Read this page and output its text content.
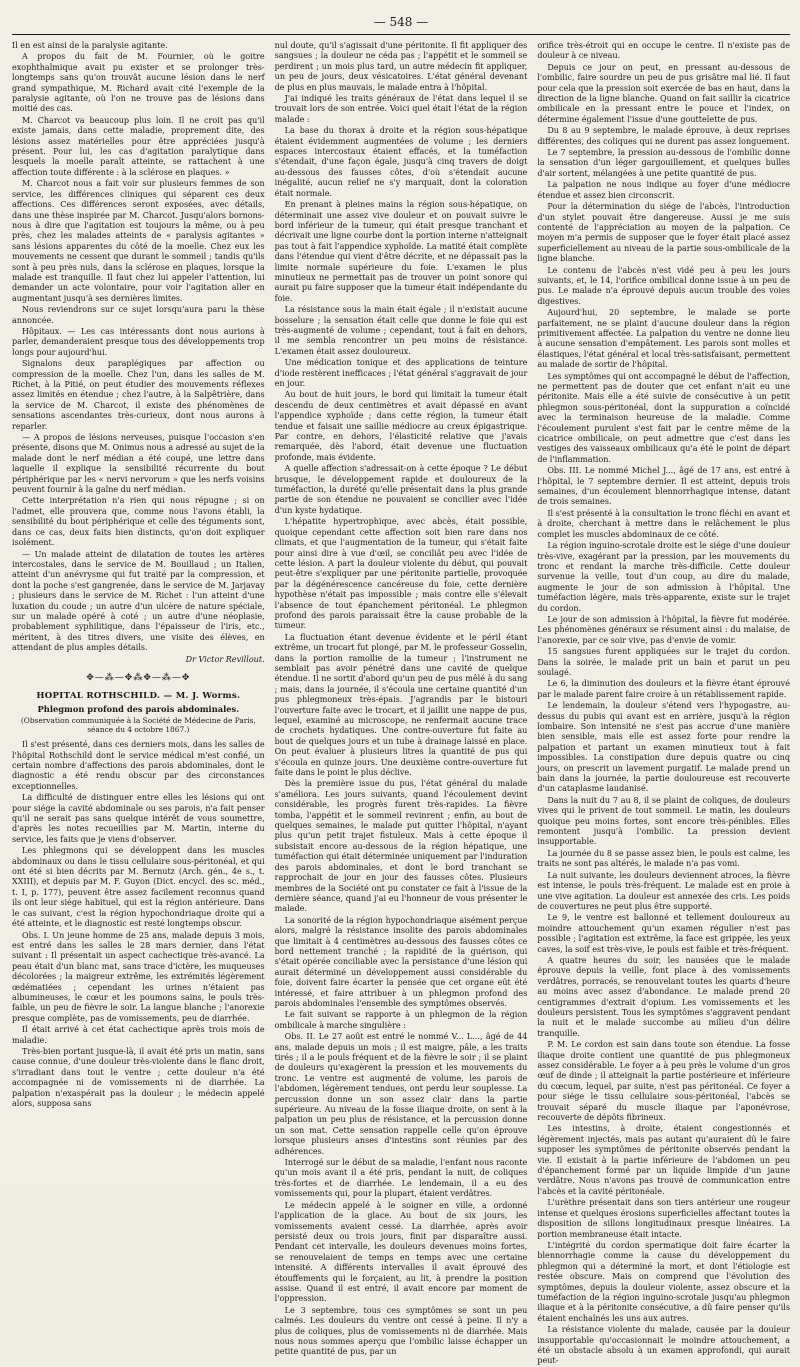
— 548 —

Il en est ainsi de la paralysie agitante.

A propos du fait de M. Fournier, où le goitre exophthalmique avait pu exister et se prolonger très-longtemps sans qu'on trouvât aucune lésion dans le nerf grand sympathique, M. Richard avait cité l'exemple de la paralysie agitante, où l'on ne trouve pas de lésions dans moitié des cas.

M. Charcot va beaucoup plus loin. Il ne croit pas qu'il existe jamais, dans cette maladie, proprement dite, des lésions assez matérielles pour être appréciées jusqu'à présent. Pour lui, les cas d'agitation paralytique dans lesquels la moelle paraît atteinte, se rattachent à une affection toute différente : à la sclérose en plaques. »

M. Charcot nous a fait voir sur plusieurs femmes de son service, les différences cliniques qui séparent ces deux affections. Ces différences seront exposées, avec détails, dans une thèse inspirée par M. Charcot. Jusqu'alors bornons-nous à dire que l'agitation est toujours la même, ou à peu près, chez les malades atteints de « paralysis agitantes » sans lésions apparentes du côté de la moelle. Chez eux les mouvements ne cessent que durant le sommeil ; tandis qu'ils sont à peu près nuls, dans la sclérose en plaques, lorsque la malade est tranquille. Il faut chez lui appeler l'attention, lui demander un acte volontaire, pour voir l'agitation aller en augmentant jusqu'à ses dernières limites.

Nous reviendrons sur ce sujet lorsqu'aura paru la thèse annoncée.

Hôpitaux. — Les cas intéressants dont nous aurions à parler, demanderaient presque tous des développements trop longs pour aujourd'hui.

Signalons deux paraplégiques par affection ou compression de la moelle. Chez l'un, dans les salles de M. Richet, à la Pitié, on peut étudier des mouvements réflexes assez limités en étendue ; chez l'autre, à la Salpêtrière, dans la service de M. Charcot, il existe des phénomènes de sensations ascendantes très-curieux, dont nous aurons à reparler.

— A propos de lésions nerveuses, puisque l'occasion s'en présente, disons que M. Onimus nous a adressé au sujet de la malade dont le nerf médian a été coupé, une lettre dans laquelle il explique la sensibilité récurrente du bout périphérique par les « nervi nervorum » que les nerfs voisins peuvent fournir à la gaîne du nerf médian.

Cette interprétation n'a rien qui nous répugne ; si on l'admet, elle prouvera que, comme nous l'avons établi, la sensibilité du bout périphérique et celle des téguments sont, dans ce cas, deux faits bien distincts, qu'on doit expliquer isolément.

— Un malade atteint de dilatation de toutes les artères intercostales, dans le service de M. Bouillaud ; un Italien, atteint d'un anévrysme qui fut traité par la compression, et dont la poche s'est gangrenée, dans le service de M. Jarjavay ; plusieurs dans le service de M. Richet : l'un atteint d'une luxation du coude ; un autre d'un ulcère de nature spéciale, sur un malade opéré à coté ; un autre d'une néoplasie, probablement syphilitique, dans l'épaisseur de l'iris, etc., méritent, à des titres divers, une visite des élèves, en attendant de plus amples détails.

Dr Victor Revillout.

✥—⁂—✥⁂✥—⁂—✥
HOPITAL ROTHSCHILD. — M. J. Worms.
Phlegmon profond des parois abdominales.
(Observation communiquée à la Société de Médecine de Paris, séance du 4 octobre 1867.)

Il s'est présenté, dans ces derniers mois, dans les salles de l'hôpital Rothschild dont le service médical m'est confié, un certain nombre d'affections des parois abdominales, dont le diagnostic a été rendu obscur par des circonstances exceptionnelles.

La difficulté de distinguer entre elles les lésions qui ont pour siége la cavité abdominale ou ses parois, n'a fait penser qu'il ne serait pas sans quelque intérêt de vous soumettre, d'après les notes recueillies par M. Martin, interne du service, les faits que je viens d'observer.

Les phlegmons qui se développent dans les muscles abdominaux ou dans le tissu cellulaire sous-péritonéal, et qui ont été si bien décrits par M. Bernutz (Arch. gén., 4e s., t. XXIII), et depuis par M. F. Guyon (Dict. encycl. des sc. méd., t. I, p. 177), peuvent être assez facilement reconnus quand ils ont leur siége habituel, qui est la région antérieure. Dans le cas suivant, c'est la région hypochondriaque droite qui a été atteinte, et le diagnostic est resté longtemps obscur.

Obs. I. Un jeune homme de 25 ans, malade depuis 3 mois, est entré dans les salles le 28 mars dernier, dans l'état suivant : Il présentait un aspect cachectique très-avancé. La peau était d'un blanc mat, sans trace d'ictère, les muqueuses décolorées ; la maigreur extrême, les extrémités légèrement œdématiées ; cependant les urines n'étaient pas albumineuses, le cœur et les poumons sains, le pouls très-faible, un peu de fièvre le soir. La langue blanche ; l'anorexie presque complète, pas de vomissements, peu de diarrhée.

Il était arrivé à cet état cachectique après trois mois de maladie.

Très-bien portant jusque-là, il avait été pris un matin, sans cause connue, d'une douleur très-violente dans le flanc droit, s'irradiant dans tout le ventre ; cette douleur n'a été accompagnée ni de vomissements ni de diarrhée. La palpation n'exaspérait pas la douleur ; le médecin appelé alors, supposa sans

nul doute, qu'il s'agissait d'une péritonite. Il fit appliquer des sangsues ; la douleur ne céda pas ; l'appétit et le sommeil se perdirent ; un mois plus tard, un autre médecin fit appliquer, un peu de jours, deux vésicatoires. L'état général devenant de plus en plus mauvais, le malade entra à l'hôpital.

J'ai indiqué les traits généraux de l'état dans lequel il se trouvait lors de son entrée. Voici quel était l'état de la région malade :

La base du thorax à droite et la région sous-hépatique étaient évidemment augmentées de volume ; les derniers espaces intercostaux étaient effacés, et la tuméfaction s'étendait, d'une façon égale, jusqu'à cinq travers de doigt au-dessous des fausses côtes, d'où s'étendait aucune inégalité, aucun relief ne s'y marquait, dont la coloration était normale.

En prenant à pleines mains la région sous-hépatique, on déterminait une assez vive douleur et on pouvait suivre le bord inférieur de la tumeur, qui était presque tranchant et décrivait une ligne courbe dont la portion interne n'atteignait pas tout à fait l'appendice xyphoïde. La matité était complète dans l'étendue qui vient d'être décrite, et ne dépassait pas la limite normale supérieure du foie. L'examen le plus minutieux ne permettait pas de trouver un point sonore qui aurait pu faire supposer que la tumeur était indépendante du foie.

La résistance sous la main était égale ; il n'existait aucune bosselure ; la sensation était celle que donne le foie qui est très-augmenté de volume ; cependant, tout à fait en dehors, il me sembla rencontrer un peu moins de résistance. L'examen était assez douloureux.

Une médication tonique et des applications de teinture d'iode restèrent inefficaces ; l'état général s'aggravait de jour en jour.

Au bout de huit jours, le bord qui limitait la tumeur était descendu de deux centimètres et avait dépassé en avant l'appendice xyphoïde ; dans cette région, la tumeur était tendue et faisait une saillie médiocre au creux épigastrique. Par contre, en dehors, l'élasticité relative que j'avais remarquée, dès l'abord, était devenue une fluctuation profonde, mais évidente.

A quelle affection s'adressait-on à cette époque ? Le début brusque, le développement rapide et douloureux de la tuméfaction, la durété qu'elle présentait dans la plus grande partie de son étendue ne pouvaient se concilier avec l'idée d'un kyste hydatique.

L'hépatite hypertrophique, avec abcès, était possible, quoique cependant cette affection soit bien rare dans nos climats, et que l'augmentation de la tumeur, qui s'était faite pour ainsi dire à vue d'œil, se conciliât peu avec l'idée de cette lésion. A part la douleur violente du début, qui pouvait peut-être s'expliquer par une péritonite partielle, provoquée par la dégénérescence cancéreuse du foie, cette dernière hypothèse n'était pas impossible ; mais contre elle s'élevait l'absence de tout épanchement péritonéal. Le phlegmon profond des parois paraissait être la cause probable de la tumeur.

La fluctuation étant devenue évidente et le péril étant extrême, un trocart fut plongé, par M. le professeur Gosselin, dans la portion ramollie de la tumeur ; l'instrument ne semblait pas avoir pénétré dans une cavité de quelque étendue. Il ne sortit d'abord qu'un peu de pus mêlé à du sang ; mais, dans la journée, il s'écoula une certaine quantité d'un pus phlegmoneux très-épais. J'agrandis par le bistouri l'ouverture faite avec le trocart, et il jaillit une nappe de pus, lequel, examiné au microscope, ne renfermait aucune trace de crochets hydatiques. Une contre-ouverture fut faite au bout de quelques jours et un tube à drainage laissé en place. On peut évaluer à plusieurs litres la quantité de pus qui s'écoula en quinze jours. Une deuxième contre-ouverture fut faite dans le point le plus déclive.

Dès la première issue du pus, l'état général du malade s'améliora. Les jours suivants, quand l'écoulement devint considérable, les progrès furent très-rapides. La fièvre tomba, l'appétit et le sommeil revinrent ; enfin, au bout de quelques semaines, le malade put quitter l'hôpital, n'ayant plus qu'un petit trajet fistuleux. Mais à cette époque il subsistait encore au-dessous de la région hépatique, une tuméfaction qui était déterminée uniquement par l'induration des parois abdominales, et dont le bord tranchant se rapprochait de jour en jour des fausses côtes. Plusieurs membres de la Société ont pu constater ce fait à l'issue de la dernière séance, quand j'ai eu l'honneur de vous présenter le malade.

La sonorité de la région hypochondriaque aisément perçue alors, malgré la résistance insolite des parois abdominales que limitait à 4 centimètres au-dessous des fausses côtes ce bord nettement tranché ; la rapidité de la guérison, qui s'était opérée conciliable avec la persistance d'une lésion qui aurait déterminé un développement aussi considérable du foie, doivent faire écarter la pensée que cet organe eût été intéressé, et faire attribuer à un phlegmon profond des parois abdominales l'ensemble des symptômes observés.

Le fait suivant se rapporte à un phlegmon de la région ombilicale à marche singulière :

Obs. II. Le 27 août est entré le nommé V... L..., âgé de 44 ans, malade depuis un mois ; il est maigre, pâle, a les traits tirés ; il a le pouls fréquent et de la fièvre le soir ; il se plaint de douleurs qu'exagèrent la pression et les mouvements du tronc. Le ventre est augmenté de volume, les parois de l'abdomen, légèrement tendues, ont perdu leur souplesse. La percussion donne un son assez clair dans la partie supérieure. Au niveau de la fosse iliaque droite, on sent à la palpation un peu plus de résistance, et la percussion donne un son mat. Cette sensation rappelle celle qu'on éprouve lorsque plusieurs anses d'intestins sont réunies par des adhérences.

Interrogé sur le début de sa maladie, l'enfant nous raconte qu'un mois avant il a été pris, pendant la nuit, de coliques très-fortes et de diarrhée. Le lendemain, il a eu des vomissements qui, pour la plupart, étaient verdâtres.

Le médecin appelé à le soigner en ville, a ordonné l'application de la glace. Au bout de six jours, les vomissements avaient cessé. La diarrhée, après avoir persisté deux ou trois jours, finit par disparaître aussi. Pendant cet intervalle, les douleurs devenues moins fortes, se renouvelaient de temps en temps avec une certaine intensité. A différents intervalles il avait éprouvé des étouffements qui le forçaient, au lit, à prendre la position assise. Quand il est entré, il avait encore par moment de l'oppression.

Le 3 septembre, tous ces symptômes se sont un peu calmés. Les douleurs du ventre ont cessé à peine. Il n'y a plus de coliques, plus de vomissements ni de diarrhée. Mais nous nous sommes aperçu que l'ombilic laisse échapper un petite quantité de pus, par un

orifice très-étroit qui en occupe le centre. Il n'existe pas de douleur à ce niveau.

Depuis ce jour on peut, en pressant au-dessous de l'ombilic, faire sourdre un peu de pus grisâtre mal lié. Il faut pour cela que la pression soit exercée de bas en haut, dans la direction de la ligne blanche. Quand on fait saillir la cicatrice ombilicale en la pressant entre le pouce et l'index, on détermine également l'issue d'une gouttelette de pus.

Du 8 au 9 septembre, le malade éprouve, à deux reprises différentes, des coliques qui ne durent pas assez longuement.

Le 7 septembre, la pression au-dessous de l'ombilic donne la sensation d'un léger gargouillement, et quelques bulles d'air sortent, mélangées à une petite quantité de pus.

La palpation ne nous indique au foyer d'une médiocre étendue et assez bien circonscrit.

Pour la détermination du siége de l'abcès, l'introduction d'un stylet pouvait être dangereuse. Aussi je me suis contenté de l'appréciation au moyen de la palpation. Ce moyen m'a permis de supposer que le foyer était placé assez superficiellement au niveau de la partie sous-ombilicale de la ligne blanche.

Le contenu de l'abcès n'est vidé peu à peu les jours suivants, et, le 14, l'orifice ombilical donne issue à un peu de pus. Le malade n'a éprouvé depuis aucun trouble des voies digestives.

Aujourd'hui, 20 septembre, le malade se porte parfaitement, ne se plaint d'aucune douleur dans la région primitivement affectée. La palpation du ventre ne donne lieu à aucune sensation d'empâtement. Les parois sont molles et élastiques, l'état général et local très-satisfaisant, permettent au malade de sortir de l'hôpital.

Les symptômes qui ont accompagné le début de l'affection, ne permettent pas de douter que cet enfant n'ait eu une péritonite. Mais elle a été suivie de consécutive à un petit phlegmon sous-péritonéal, dont la suppuration a coïncidé avec la terminaison heureuse de la maladie. Comme l'écoulement purulent s'est fait par le centre même de la cicatrice ombilicale, on peut admettre que c'est dans les vestiges des vaisseaux ombilicaux qu'a été le point de départ de l'inflammation.

Obs. III. Le nommé Michel J..., âgé de 17 ans, est entré à l'hôpital, le 7 septembre dernier. Il est atteint, depuis trois semaines, d'un écoulement blennorrhagique intense, datant de trois semaines.

Il s'est présenté à la consultation le tronc fléchi en avant et à droite, cherchant à mettre dans le relâchement le plus complet les muscles abdominaux de ce côté.

La région inguino-scrotale droite est le siége d'une douleur très-vive, exagérant par la pression, par les mouvements du tronc et rendant la marche très-difficile. Cette douleur survenue la veille, tout d'un coup, au dire du malade, augmente le jour de son admission à l'hôpital. Une tuméfaction légère, mais très-apparente, existe sur le trajet du cordon.

Le jour de son admission à l'hôpital, la fièvre fut modérée. Les phénomènes généraux se résument ainsi : du malaise, de l'anorexie, par ce soir vive, pas d'envie de vomir.

15 sangsues furent appliquées sur le trajet du cordon. Dans la soirée, le malade prit un bain et parut un peu soulagé.

Le 6, la diminution des douleurs et la fièvre étant éprouvé par le malade parent faire croire à un rétablissement rapide.

Le lendemain, la douleur s'étend vers l'hypogastre, au-dessus du pubis qui avant est en arrière, jusqu'à la région lombaire. Son intensité ne s'est pas accrue d'une manière bien sensible, mais elle est assez forte pour rendre la palpation et partant un examen minutieux tout à fait impossibles. La constipation dure depuis quatre ou cinq jours, on prescrit un lavement purgatif. Le malade prend un bain dans la journée, la partie douloureuse est recouverte d'un cataplasme laudanisé.

Dans la nuit du 7 au 8, il se plaint de coliques, de douleurs vives qui le privent de tout sommeil. Le matin, les douleurs quoique peu moins fortes, sont encore très-pénibles. Elles remontent jusqu'à l'ombilic. La pression devient insupportable.

La journée du 8 se passe assez bien, le pouls est calme, les traits ne sont pas altérés, le malade n'a pas vomi.

La nuit suivante, les douleurs deviennent atroces, la fièvre est intense, le pouls très-fréquent. Le malade est en proie à une vive agitation. La douleur est annexée des cris. Les poids de couvertures ne peut plus être supporté.

Le 9, le ventre est ballonné et tellement douloureux au moindre attouchement qu'un examen régulier n'est pas possible ; l'agitation est extrême, la face est grippée, les yeux caves, la soif est très-vive, le pouls est faible et très-fréquent.

A quatre heures du soir, les nausées que le malade éprouve depuis la veille, font place à des vomissements verdâtres, porracés, se renouvelant toutes les quarts d'heure au moins avec assez d'abondance. Le malade prend 20 centigrammes d'extrait d'opium. Les vomissements et les douleurs persistent. Tous les symptômes s'aggravent pendant la nuit et le malade succombe au milieu d'un délire tranquille.

P. M. Le cordon est sain dans toute son étendue. La fosse iliaque droite contient une quantité de pus phlegmoneux assez considérable. Le foyer a à peu près le volume d'un gros œuf de dinde ; il atteignait la partie postérieure et inférieure du cœcum, lequel, par suite, n'est pas péritonéal. Ce foyer a pour siége le tissu cellulaire sous-péritonéal, l'abcès se trouvait séparé du muscle iliaque par l'aponévrose, recouverte de dépôts fibrineux.

Les intestins, à droite, étaient congestionnés et légèrement injectés, mais pas autant qu'auraient dû le faire supposer les symptômes de péritonite observés pendant la vie. Il existait à la partie inférieure de l'abdomen un peu d'épanchement formé par un liquide limpide d'un jaune verdâtre. Nous n'avons pas trouvé de communication entre l'abcès et la cavité péritonéale.

L'urèthre présentait dans son tiers antérieur une rougeur intense et quelques érosions superficielles affectant toutes la disposition de sillons longitudinaux presque linéaires. La portion membraneuse était intacte.

L'intégrité du cordon spermatique doit faire écarter la blennorrhagie comme la cause du développement du phlegmon qui a déterminé la mort, et dont l'étiologie est restée obscure. Mais on comprend que l'évolution des symptômes, depuis la douleur violente, assez obscure et la tuméfaction de la région inguino-scrotale jusqu'au phlegmon iliaque et à la péritonite consécutive, a dû faire penser qu'ils étaient enchaînés les uns aux autres.

La résistance violente du malade, causée par la douleur insupportable qu'occasionnait le moindre attouchement, a été un obstacle absolu à un examen approfondi, qui aurait peut-
